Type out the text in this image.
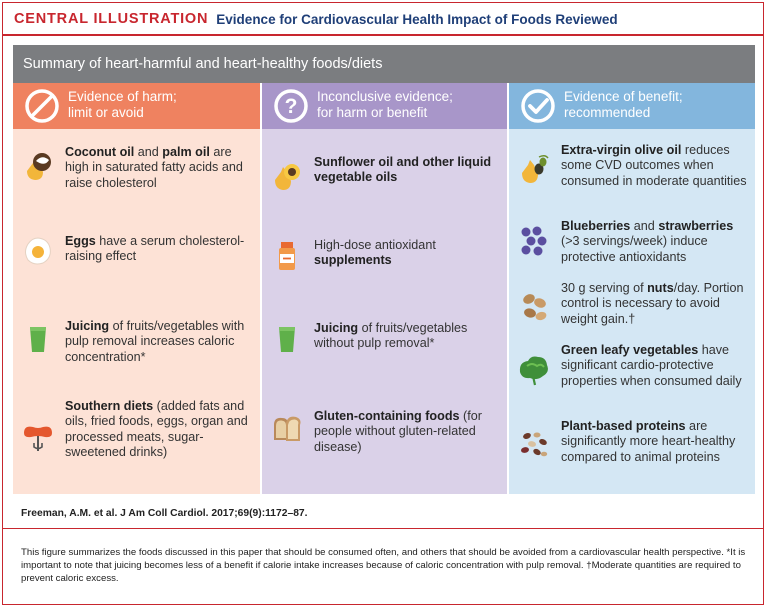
CENTRAL ILLUSTRATION Evidence for Cardiovascular Health Impact of Foods Reviewed
Summary of heart-harmful and heart-healthy foods/diets
Evidence of harm;
limit or avoid
Coconut oil and palm oil are high in saturated fatty acids and raise cholesterol
Eggs have a serum cholesterol-raising effect
Juicing of fruits/vegetables with pulp removal increases caloric concentration*
Southern diets (added fats and oils, fried foods, eggs, organ and processed meats, sugar-sweetened drinks)
? Inconclusive evidence;
for harm or benefit
Sunflower oil and other liquid vegetable oils
High-dose antioxidant supplements
Juicing of fruits/vegetables without pulp removal*
Gluten-containing foods (for people without gluten-related disease)
Evidence of benefit;
recommended
Extra-virgin olive oil reduces some CVD outcomes when consumed in moderate quantities
Blueberries and strawberries (>3 servings/week) induce protective antioxidants
30 g serving of nuts/day. Portion control is necessary to avoid weight gain.†
Green leafy vegetables have significant cardio-protective properties when consumed daily
Plant-based proteins are significantly more heart-healthy compared to animal proteins
Freeman, A.M. et al. J Am Coll Cardiol. 2017;69(9):1172–87.
This figure summarizes the foods discussed in this paper that should be consumed often, and others that should be avoided from a cardiovascular health perspective. *It is important to note that juicing becomes less of a benefit if calorie intake increases because of caloric concentration with pulp removal. †Moderate quantities are required to prevent caloric excess.
